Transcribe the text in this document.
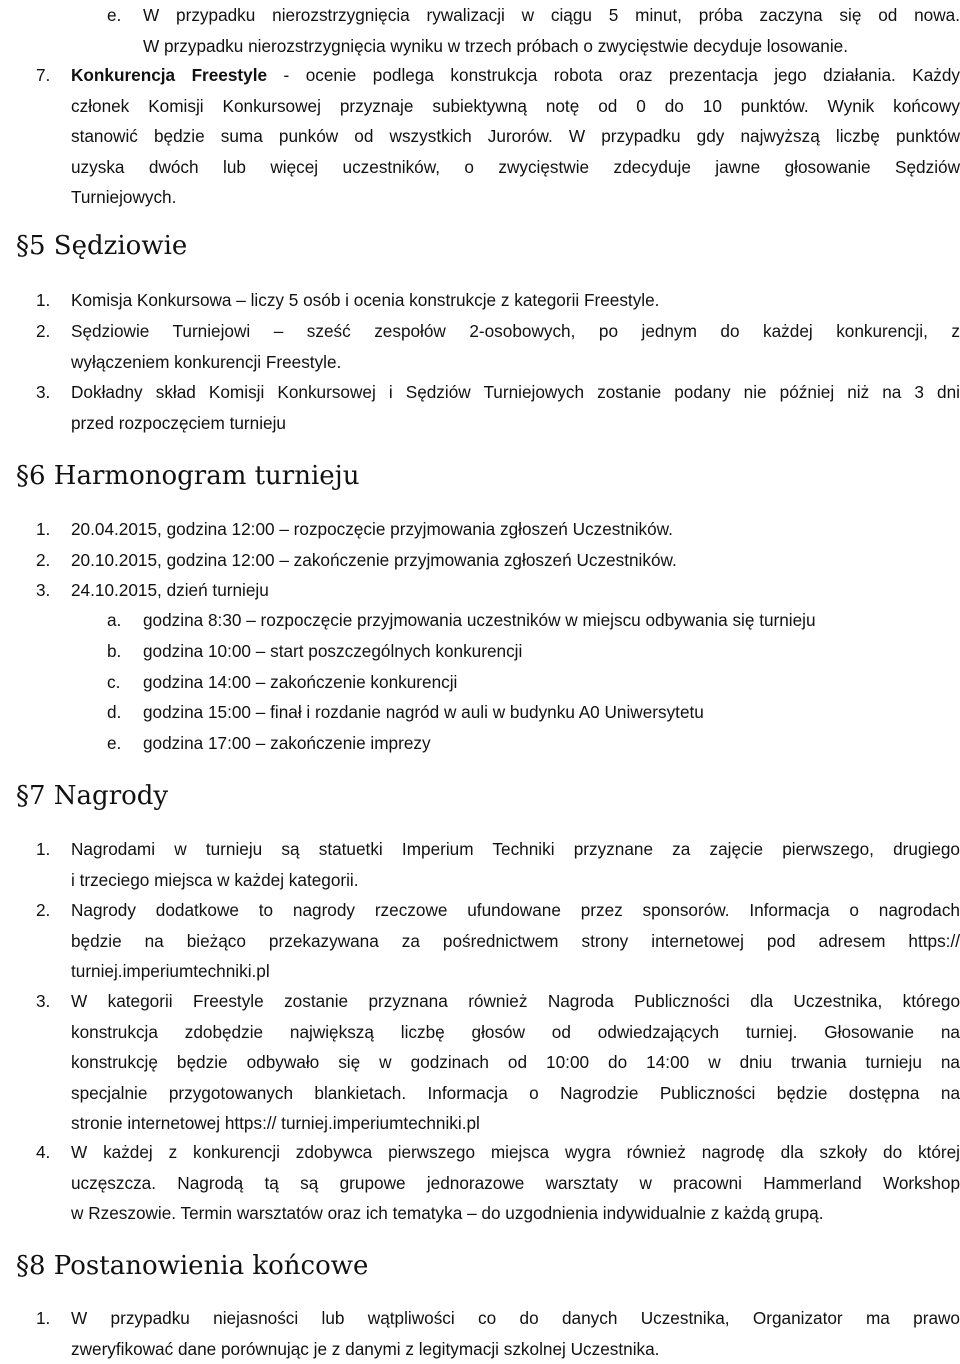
e.	W przypadku nierozstrzygnięcia rywalizacji w ciągu 5 minut, próba zaczyna się od nowa.
W przypadku nierozstrzygnięcia wyniku w trzech próbach o zwycięstwie decyduje losowanie.
7.	Konkurencja Freestyle - ocenie podlega konstrukcja robota oraz prezentacja jego działania. Każdy
członek Komisji Konkursowej przyznaje subiektywną notę od 0 do 10 punktów. Wynik końcowy
stanowić będzie suma punków od wszystkich Jurorów. W przypadku gdy najwyższą liczbę punktów
uzyska dwóch lub więcej uczestników, o zwycięstwie zdecyduje jawne głosowanie Sędziów
Turniejowych.
§5 Sędziowie
1.	Komisja Konkursowa – liczy 5 osób i ocenia konstrukcje z kategorii Freestyle.
2.	Sędziowie Turniejowi – sześć zespołów 2-osobowych, po jednym do każdej konkurencji, z
wyłączeniem konkurencji Freestyle.
3.	Dokładny skład Komisji Konkursowej i Sędziów Turniejowych zostanie podany nie później niż na 3 dni
przed rozpoczęciem turnieju
§6 Harmonogram turnieju
1.	20.04.2015, godzina 12:00 – rozpoczęcie przyjmowania zgłoszeń Uczestników.
2.	20.10.2015, godzina 12:00 – zakończenie przyjmowania zgłoszeń Uczestników.
3.	24.10.2015, dzień turnieju
a.	godzina 8:30 – rozpoczęcie przyjmowania uczestników w miejscu odbywania się turnieju
b.	godzina 10:00 – start poszczególnych konkurencji
c.	godzina 14:00 – zakończenie konkurencji
d.	godzina 15:00 – finał i rozdanie nagród w auli w budynku A0 Uniwersytetu
e.	godzina 17:00 – zakończenie imprezy
§7 Nagrody
1.	Nagrodami w turnieju są statuetki Imperium Techniki przyznane za zajęcie pierwszego, drugiego
i trzeciego miejsca w każdej kategorii.
2.	Nagrody dodatkowe to nagrody rzeczowe ufundowane przez sponsorów. Informacja o nagrodach
będzie na bieżąco przekazywana za pośrednictwem strony internetowej pod adresem https://
turniej.imperiumtechniki.pl
3.	W kategorii Freestyle zostanie przyznana również Nagroda Publiczności dla Uczestnika, którego
konstrukcja zdobędzie największą liczbę głosów od odwiedzających turniej. Głosowanie na
konstrukcję będzie odbywało się w godzinach od 10:00 do 14:00 w dniu trwania turnieju na
specjalnie przygotowanych blankietach. Informacja o Nagrodzie Publiczności będzie dostępna na
stronie internetowej https:// turniej.imperiumtechniki.pl
4.	W każdej z konkurencji zdobywca pierwszego miejsca wygra również nagrodę dla szkoły do której
uczęszcza. Nagrodą tą są grupowe jednorazowe warsztaty w pracowni Hammerland Workshop
w Rzeszowie. Termin warsztatów oraz ich tematyka – do uzgodnienia indywidualnie z każdą grupą.
§8 Postanowienia końcowe
1.	W przypadku niejasności lub wątpliwości co do danych Uczestnika, Organizator ma prawo
zweryfikować dane porównując je z danymi z legitymacji szkolnej Uczestnika.
